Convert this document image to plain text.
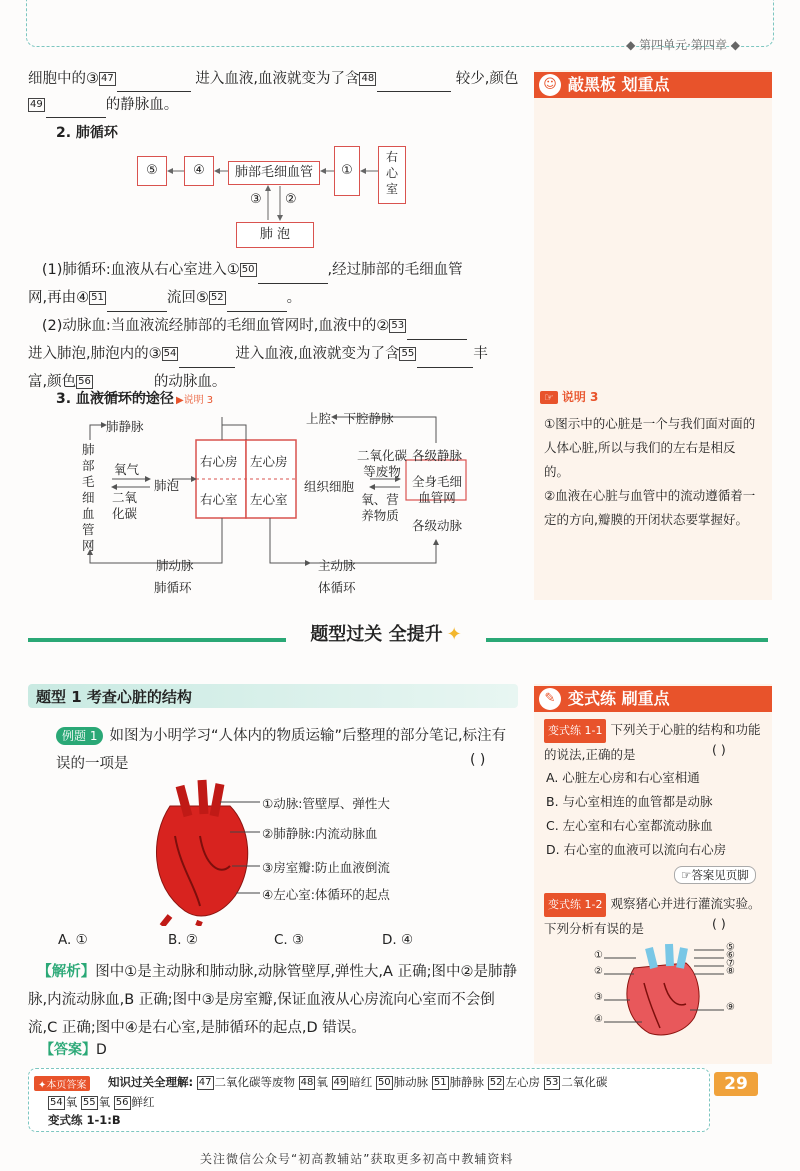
◆ 第四单元·第四章 ◆
细胞中的③ 47	进入血液,血液就变为了含 48	较少,颜色
49	的静脉血。
2. 肺循环
⑤	④	肺部毛细血管	①
右心室
肺 泡
③ ②
(1)肺循环:血液从右心室进入① 50	,经过肺部的毛细血管
网,再由④ 51	流回⑤ 52	。
(2)动脉血:当血液流经肺部的毛细血管网时,血液中的② 53
进入肺泡,肺泡内的③ 54	进入血液,血液就变为了含 55	丰
富,颜色 56	的动脉血。
3. 血液循环的途径 ▶说明 3
肺静脉
上腔、下腔静脉
肺部毛细血管网
氧气
二氧化碳
肺泡
右心房 左心房
右心室 左心室
二氧化碳等废物
组织细胞
氧、营养物质
各级静脉
全身毛细血管网
各级动脉
肺动脉
肺循环
主动脉
体循环
敲黑板 划重点
☺
☞ 说明 3
①图示中的心脏是一个与我们面对面的人体心脏,所以与我们的左右是相反的。
②血液在心脏与血管中的流动遵循着一定的方向,瓣膜的开闭状态要掌握好。
题型过关 全提升 ✦
题型 1 考查心脏的结构
例题 1 如图为小明学习“人体内的物质运输”后整理的部分笔记,标注有误的一项是	( )
①动脉:管壁厚、弹性大
②肺静脉:内流动脉血
③房室瓣:防止血液倒流
④左心室:体循环的起点
A. ①	B. ②	C. ③	D. ④
【解析】图中①是主动脉和肺动脉,动脉管壁厚,弹性大,A 正确;图中②是肺静脉,内流动脉血,B 正确;图中③是房室瓣,保证血液从心房流向心室而不会倒流,C 正确;图中④是右心室,是肺循环的起点,D 错误。
【答案】D
变式练 刷重点
✎
变式练 1-1 下列关于心脏的结构和功能的说法,正确的是	( )
A. 心脏左心房和右心室相通
B. 与心室相连的血管都是动脉
C. 左心室和右心室都流动脉血
D. 右心室的血液可以流向右心房
☞答案见页脚
变式练 1-2 观察猪心并进行灌流实验。下列分析有误的是	( )
⑤
⑥
⑦
⑧
①
②
③
④
⑨
✦本页答案	知识过关全理解: 47 二氧化碳等废物 48 氧 49 暗红 50 肺动脉 51 肺静脉 52 左心房 53 二氧化碳
54 氧 55 氧 56 鲜红
变式练 1-1:B
29
关注微信公众号“初高教辅站”获取更多初高中教辅资料
